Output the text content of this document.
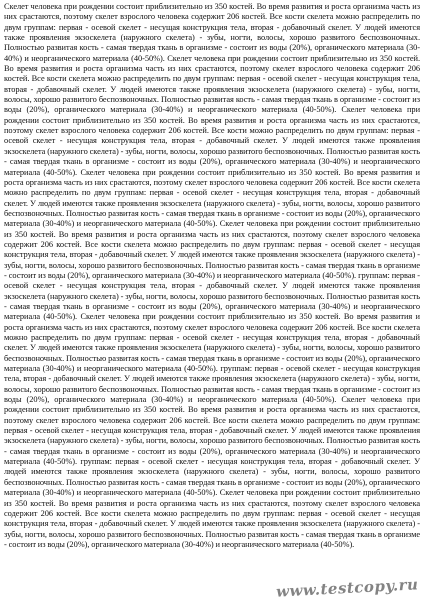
Скелет человека при рождении состоит приблизительно из 350 костей. Во время развития и роста организма часть из них срастаются, поэтому скелет взрослого человека содержит 206 костей. Все кости скелета можно распределить по двум группам: первая - осевой скелет - несущая конструкция тела, вторая - добавочный скелет. У людей имеются также проявления экзоскелета (наружного скелета) - зубы, ногти, волосы, хорошо развитого беспозвоночных. Полностью развитая кость - самая твердая ткань в организме - состоит из воды (20%), органического материала (30-40%) и неорганического материала (40-50%). Скелет человека при рождении состоит приблизительно из 350 костей. Во время развития и роста организма часть из них срастаются, поэтому скелет взрослого человека содержит 206 костей. Все кости скелета можно распределить по двум группам: первая - осевой скелет - несущая конструкция тела, вторая - добавочный скелет. У людей имеются также проявления экзоскелета (наружного скелета) - зубы, ногти, волосы, хорошо развитого беспозвоночных. Полностью развитая кость - самая твердая ткань в организме - состоит из воды (20%), органического материала (30-40%) и неорганического материала (40-50%). Скелет человека при рождении состоит приблизительно из 350 костей. Во время развития и роста организма часть из них срастаются, поэтому скелет взрослого человека содержит 206 костей. Все кости можно распределить по двум группам: первая - осевой скелет - несущая конструкция тела, вторая - добавочный скелет. У людей имеются также проявления экзоскелета (наружного скелета) - зубы, ногти, волосы, хорошо развитого беспозвоночных. Полностью развитая кость - самая твердая ткань в организме - состоит из воды (20%), органического материала (30-40%) и неорганического материала (40-50%). Скелет человека при рождении состоит приблизительно из 350 костей. Во время развития и роста организма часть из них срастаются, поэтому скелет взрослого человека содержит 206 костей. Все кости скелета можно распределить по двум группам: первая - осевой скелет - несущая конструкция тела, вторая - добавочный скелет. У людей имеются также проявления экзоскелета (наружного скелета) - зубы, ногти, волосы, хорошо развитого беспозвоночных. Полностью развитая кость - самая твердая ткань в организме - состоит из воды (20%), органического материала (30-40%) и неорганического материала (40-50%). Скелет человека при рождении состоит приблизительно из 350 костей. Во время развития и роста организма часть из них срастаются, поэтому скелет взрослого человека содержит 206 костей. Все кости скелета можно распределить по двум группам: первая - осевой скелет - несущая конструкция тела, вторая - добавочный скелет. У людей имеются также проявления экзоскелета (наружного скелета) - зубы, ногти, волосы, хорошо развитого беспозвоночных. Полностью развитая кость - самая твердая ткань в организме - состоит из воды (20%), органического материала (30-40%) и неорганического материала (40-50%). группам: первая - осевой скелет - несущая конструкция тела, вторая - добавочный скелет. У людей имеются также проявления экзоскелета (наружного скелета) - зубы, ногти, волосы, хорошо развитого беспозвоночных. Полностью развитая кость - самая твердая ткань в организме - состоит из воды (20%), органического материала (30-40%) и неорганического материала (40-50%). Скелет человека при рождении состоит приблизительно из 350 костей. Во время развития и роста организма часть из них срастаются, поэтому скелет взрослого человека содержит 206 костей. Все кости скелета можно распределить по двум группам: первая - осевой скелет - несущая конструкция тела, вторая - добавочный скелет. У людей имеются также проявления экзоскелета (наружного скелета) - зубы, ногти, волосы, хорошо развитого беспозвоночных. Полностью развитая кость - самая твердая ткань в организме - состоит из воды (20%), органического материала (30-40%) и неорганического материала (40-50%). группам: первая - осевой скелет - несущая конструкция тела, вторая - добавочный скелет. У людей имеются также проявления экзоскелета (наружного скелета) - зубы, ногти, волосы, хорошо развитого беспозвоночных. Полностью развитая кость - самая твердая ткань в организме - состоит из воды (20%), органического материала (30-40%) и неорганического материала (40-50%). Скелет человека при рождении состоит приблизительно из 350 костей. Во время развития и роста организма часть из них срастаются, поэтому скелет взрослого человека содержит 206 костей. Все кости скелета можно распределить по двум группам: первая - осевой скелет - несущая конструкция тела, вторая - добавочный скелет. У людей имеются также проявления экзоскелета (наружного скелета) - зубы, ногти, волосы, хорошо развитого беспозвоночных. Полностью развитая кость - самая твердая ткань в организме - состоит из воды (20%), органического материала (30-40%) и неорганического материала (40-50%). группам: первая - осевой скелет - несущая конструкция тела, вторая - добавочный скелет. У людей имеются также проявления экзоскелета (наружного скелета) - зубы, ногти, волосы, хорошо развитого беспозвоночных. Полностью развитая кость - самая твердая ткань в организме - состоит из воды (20%), органического материала (30-40%) и неорганического материала (40-50%). Скелет человека при рождении состоит приблизительно из 350 костей. Во время развития и роста организма часть из них срастаются, поэтому скелет взрослого человека содержит 206 костей. Все кости скелета можно распределить по двум группам: первая - осевой скелет - несущая конструкция тела, вторая - добавочный скелет. У людей имеются также проявления экзоскелета (наружного скелета) - зубы, ногти, волосы, хорошо развитого беспозвоночных. Полностью развитая кость - самая твердая ткань в организме - состоит из воды (20%), органического материала (30-40%) и неорганического материала (40-50%).

www.testcopy.ru
